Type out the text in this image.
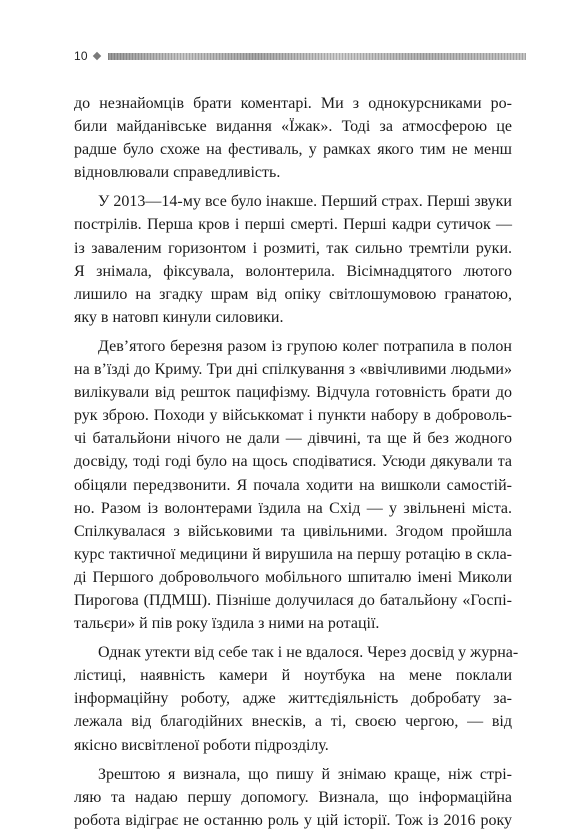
10
до незнайомців брати коментарі. Ми з однокурсниками ро-
били майданівське видання «Їжак». Тоді за атмосферою це
радше було схоже на фестиваль, у рамках якого тим не менш
відновлювали справедливість.
У 2013—14-му все було інакше. Перший страх. Перші звуки
пострілів. Перша кров і перші смерті. Перші кадри сутичок —
із заваленим горизонтом і розмиті, так сильно тремтіли руки.
Я знімала, фіксувала, волонтерила. Вісімнадцятого лютого
лишило на згадку шрам від опіку світлошумовою гранатою,
яку в натовп кинули силовики.
Дев’ятого березня разом із групою колег потрапила в полон
на в’їзді до Криму. Три дні спілкування з «ввічливими людьми»
вилікували від решток пацифізму. Відчула готовність брати до
рук зброю. Походи у військкомат і пункти набору в доброволь-
чі батальйони нічого не дали — дівчині, та ще й без жодного
досвіду, тоді годі було на щось сподіватися. Усюди дякували та
обіцяли передзвонити. Я почала ходити на вишколи самостій-
но. Разом із волонтерами їздила на Схід — у звільнені міста.
Спілкувалася з військовими та цивільними. Згодом пройшла
курс тактичної медицини й вирушила на першу ротацію в скла-
ді Першого добровольчого мобільного шпиталю імені Миколи
Пирогова (ПДМШ). Пізніше долучилася до батальйону «Госпі-
тальєри» й пів року їздила з ними на ротації.
Однак утекти від себе так і не вдалося. Через досвід у журна-
лістиці, наявність камери й ноутбука на мене поклали
інформаційну роботу, адже життєдіяльність добробату за-
лежала від благодійних внесків, а ті, своєю чергою, — від
якісно висвітленої роботи підрозділу.
Зрештою я визнала, що пишу й знімаю краще, ніж стрі-
ляю та надаю першу допомогу. Визнала, що інформаційна
робота відіграє не останню роль у цій історії. Тож із 2016 року
